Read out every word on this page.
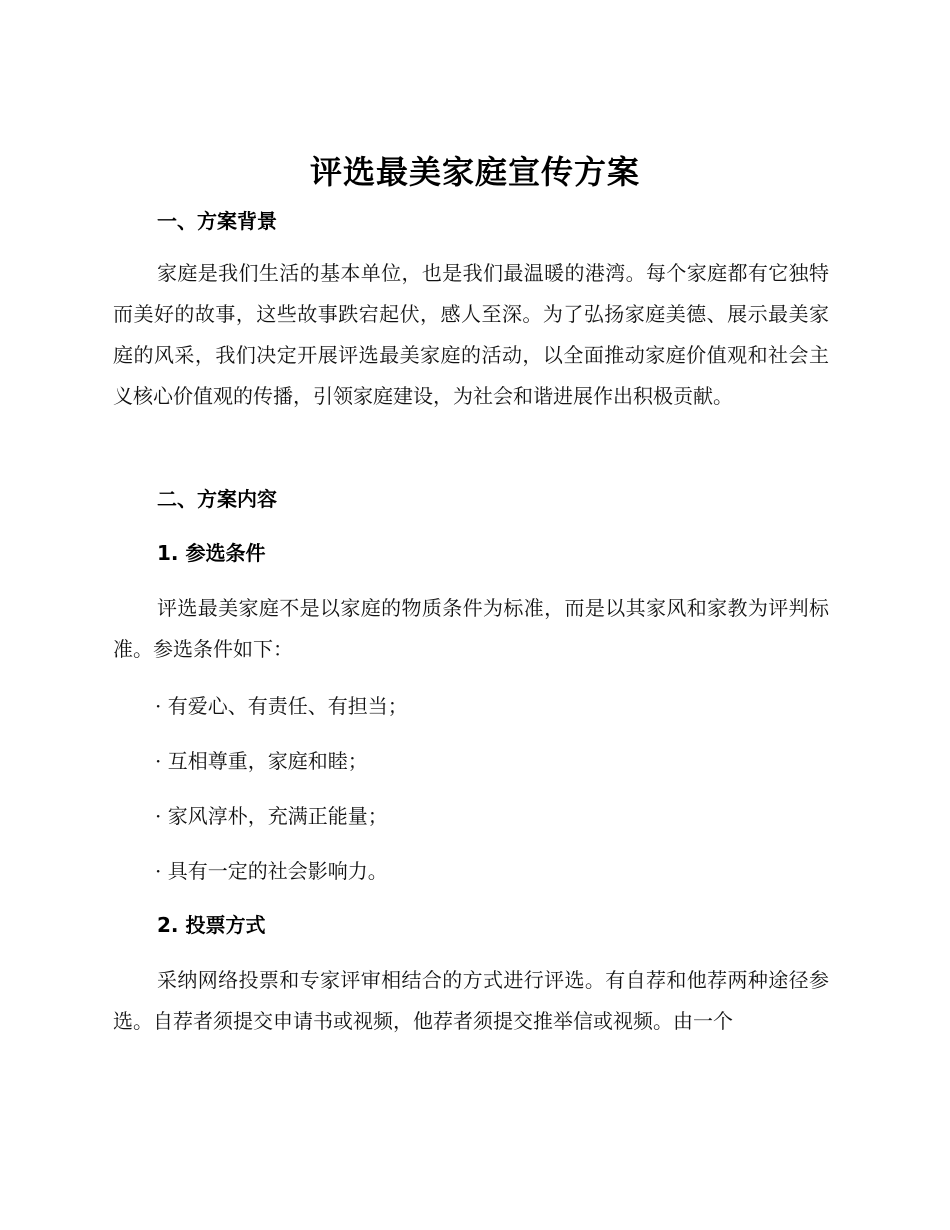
评选最美家庭宣传方案
一、方案背景
家庭是我们生活的基本单位，也是我们最温暖的港湾。每个家庭都有它独特而美好的故事，这些故事跌宕起伏，感人至深。为了弘扬家庭美德、展示最美家庭的风采，我们决定开展评选最美家庭的活动，以全面推动家庭价值观和社会主义核心价值观的传播，引领家庭建设，为社会和谐进展作出积极贡献。
二、方案内容
1. 参选条件
评选最美家庭不是以家庭的物质条件为标准，而是以其家风和家教为评判标准。参选条件如下：
· 有爱心、有责任、有担当；
· 互相尊重，家庭和睦；
· 家风淳朴，充满正能量；
· 具有一定的社会影响力。
2. 投票方式
采纳网络投票和专家评审相结合的方式进行评选。有自荐和他荐两种途径参选。自荐者须提交申请书或视频，他荐者须提交推举信或视频。由一个
